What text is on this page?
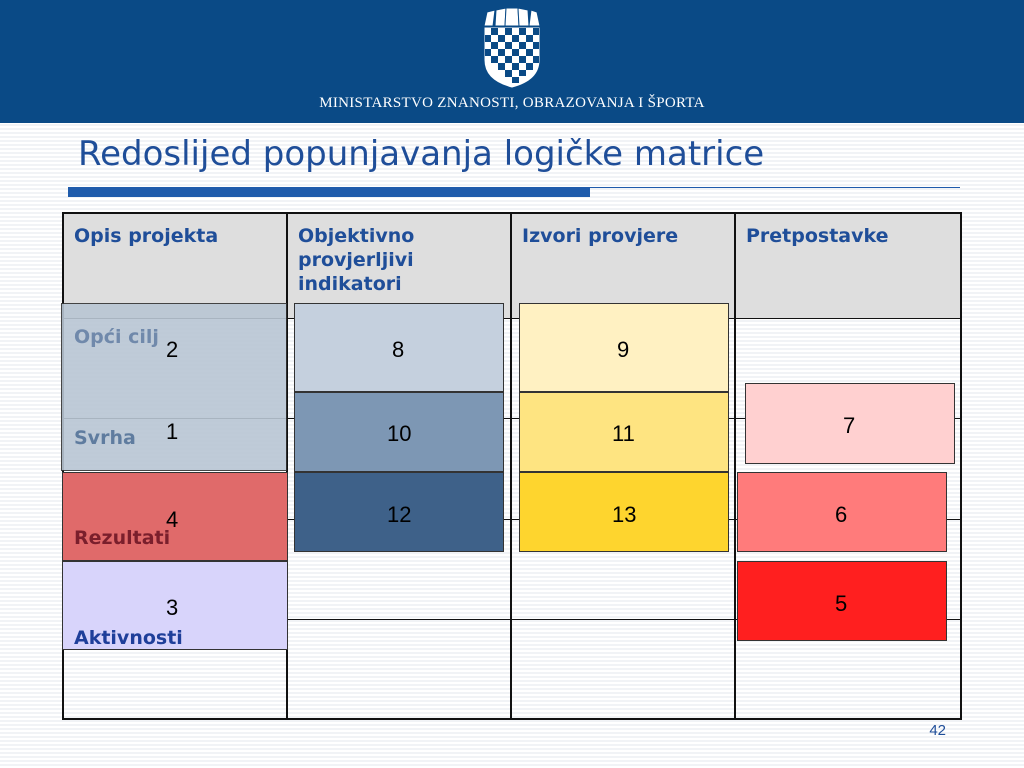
MINISTARSTVO ZNANOSTI, OBRAZOVANJA I ŠPORTA
Redoslijed popunjavanja logičke matrice
Opis projekta	Objektivno provjerljivi indikatori
Izvori provjere	Pretpostavke
Opći cilj
Svrha
Rezultati
Aktivnosti
2
1
4
3
8
10
12
9
11
13
7
6
5
42
